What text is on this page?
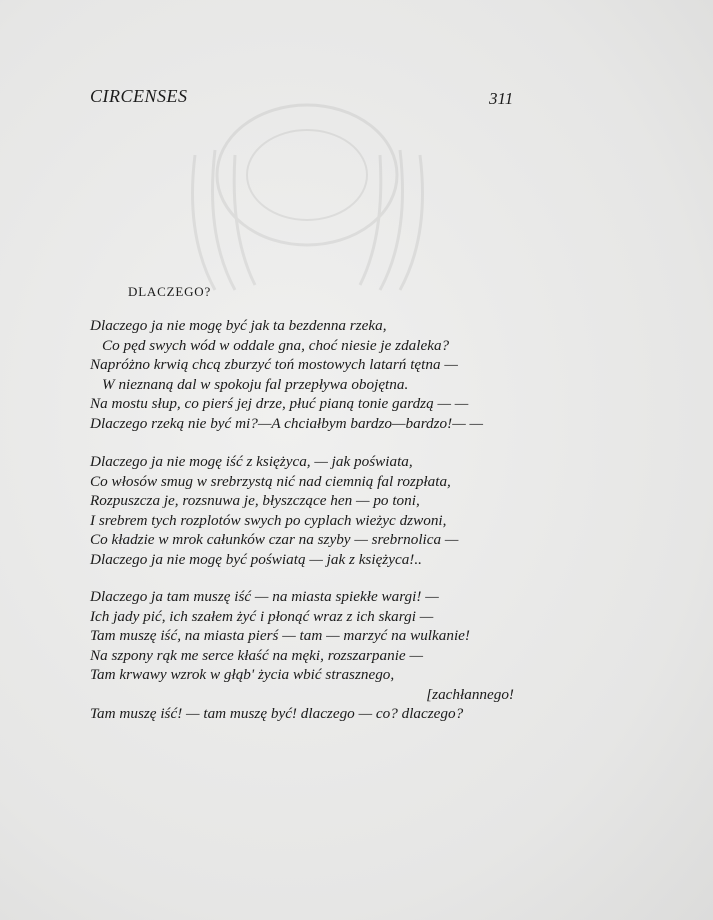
CIRCENSES	311
DLACZEGO?
Dlaczego ja nie mogę być jak ta bezdenna rzeka,
Co pęd swych wód w oddale gna, choć niesie je zdaleka?
Napróżno krwią chcą zburzyć toń mostowych latarń tętna —
W nieznaną dal w spokoju fal przepływa obojętna.
Na mostu słup, co pierś jej drze, płuć pianą tonie gardzą — —
Dlaczego rzeką nie być mi?—A chciałbym bardzo—bardzo!— —
Dlaczego ja nie mogę iść z księżyca, — jak poświata,
Co włosów smug w srebrzystą nić nad ciemnią fal rozpłata,
Rozpuszcza je, rozsnuwa je, błyszczące hen — po toni,
I srebrem tych rozplotów swych po cyplach wieżyc dzwoni,
Co kładzie w mrok całunków czar na szyby — srebrnolica —
Dlaczego ja nie mogę być poświatą — jak z księżyca!..
Dlaczego ja tam muszę iść — na miasta spiekłe wargi! —
Ich jady pić, ich szałem żyć i płonąć wraz z ich skargi —
Tam muszę iść, na miasta pierś — tam — marzyć na wulkanie!
Na szpony rąk me serce kłaść na męki, rozszarpanie —
Tam krwawy wzrok w głąb' życia wbić strasznego,
[zachłannego!
Tam muszę iść! — tam muszę być! dlaczego — co? dlaczego?
